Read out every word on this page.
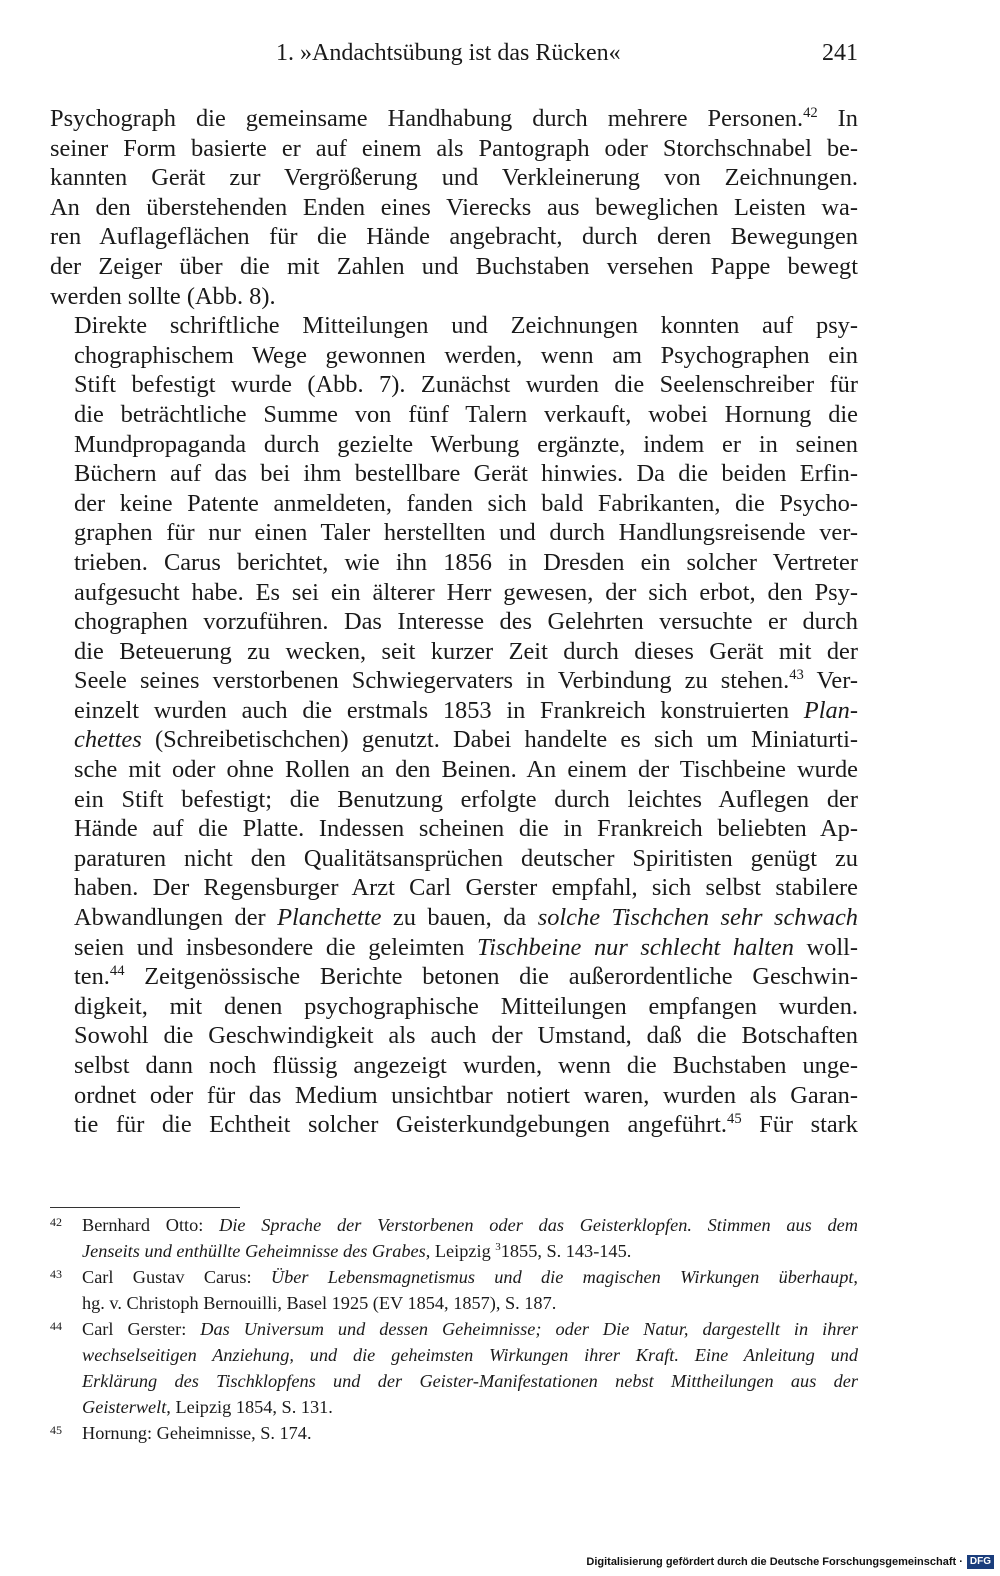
1. »Andachtsübung ist das Rücken«	241

Psychograph die gemeinsame Handhabung durch mehrere Personen.$^{42}$ In
seiner Form basierte er auf einem als Pantograph oder Storchschnabel be-
kannten Gerät zur Vergrößerung und Verkleinerung von Zeichnungen.
An den überstehenden Enden eines Vierecks aus beweglichen Leisten wa-
ren Auflageflächen für die Hände angebracht, durch deren Bewegungen
der Zeiger über die mit Zahlen und Buchstaben versehen Pappe bewegt
werden sollte (Abb. 8).

Direkte schriftliche Mitteilungen und Zeichnungen konnten auf psy-
chographischem Wege gewonnen werden, wenn am Psychographen ein
Stift befestigt wurde (Abb. 7). Zunächst wurden die Seelenschreiber für
die beträchtliche Summe von fünf Talern verkauft, wobei Hornung die
Mundpropaganda durch gezielte Werbung ergänzte, indem er in seinen
Büchern auf das bei ihm bestellbare Gerät hinwies. Da die beiden Erfin-
der keine Patente anmeldeten, fanden sich bald Fabrikanten, die Psycho-
graphen für nur einen Taler herstellten und durch Handlungsreisende ver-
trieben. Carus berichtet, wie ihn 1856 in Dresden ein solcher Vertreter
aufgesucht habe. Es sei ein älterer Herr gewesen, der sich erbot, den Psy-
chographen vorzuführen. Das Interesse des Gelehrten versuchte er durch
die Beteuerung zu wecken, seit kurzer Zeit durch dieses Gerät mit der
Seele seines verstorbenen Schwiegervaters in Verbindung zu stehen.$^{43}$ Ver-
einzelt wurden auch die erstmals 1853 in Frankreich konstruierten Plan-
chettes (Schreibetischchen) genutzt. Dabei handelte es sich um Miniaturti-
sche mit oder ohne Rollen an den Beinen. An einem der Tischbeine wurde
ein Stift befestigt; die Benutzung erfolgte durch leichtes Auflegen der
Hände auf die Platte. Indessen scheinen die in Frankreich beliebten Ap-
paraturen nicht den Qualitätsansprüchen deutscher Spiritisten genügt zu
haben. Der Regensburger Arzt Carl Gerster empfahl, sich selbst stabilere
Abwandlungen der Planchette zu bauen, da solche Tischchen sehr schwach
seien und insbesondere die geleimten Tischbeine nur schlecht halten woll-
ten.$^{44}$ Zeitgenössische Berichte betonen die außerordentliche Geschwin-
digkeit, mit denen psychographische Mitteilungen empfangen wurden.
Sowohl die Geschwindigkeit als auch der Umstand, daß die Botschaften
selbst dann noch flüssig angezeigt wurden, wenn die Buchstaben unge-
ordnet oder für das Medium unsichtbar notiert waren, wurden als Garan-
tie für die Echtheit solcher Geisterkundgebungen angeführt.$^{45}$ Für stark

42 Bernhard Otto: Die Sprache der Verstorbenen oder das Geisterklopfen. Stimmen aus dem
Jenseits und enthüllte Geheimnisse des Grabes, Leipzig $^3$1855, S. 143-145.
43 Carl Gustav Carus: Über Lebensmagnetismus und die magischen Wirkungen überhaupt,
hg. v. Christoph Bernouilli, Basel 1925 (EV 1854, 1857), S. 187.
44 Carl Gerster: Das Universum und dessen Geheimnisse; oder Die Natur, dargestellt in ihrer
wechselseitigen Anziehung, und die geheimsten Wirkungen ihrer Kraft. Eine Anleitung und
Erklärung des Tischklopfens und der Geister-Manifestationen nebst Mittheilungen aus der
Geisterwelt, Leipzig 1854, S. 131.
45 Hornung: Geheimnisse, S. 174.
Digitalisierung gefördert durch die Deutsche Forschungsgemeinschaft · DFG
